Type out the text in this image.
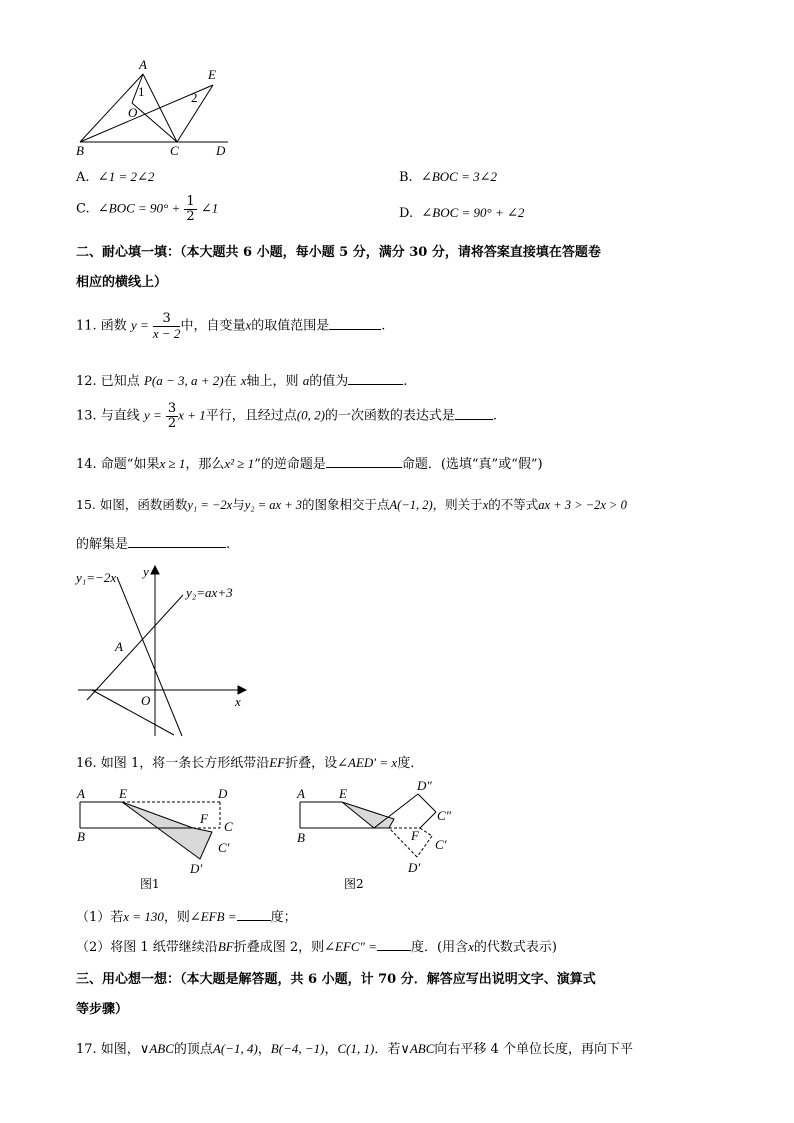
A
E
1	2
O
B	C	D
A. ∠1 = 2∠2	B. ∠BOC = 3∠2
C. ∠BOC = $90^\circ + \frac{1}{2}$ ∠1	D. ∠BOC = 90° + ∠2
二、耐心填一填：（本大题共 6 小题，每小题 5 分，满分 30 分，请将答案直接填在答题卷
相应的横线上）
11. 函数 $y = \frac{3}{x - 2}$ 中，自变量x的取值范围是	.
12. 已知点 P(a − 3, a + 2)在 x轴上，则 a的值为	.
13. 与直线 $y = \frac{3}{2}$ x + 1平行，且经过点(0, 2)的一次函数的表达式是	.
14. 命题“如果x ≥ 1，那么x² ≥ 1”的逆命题是	命题．(选填“真”或“假”)
15. 如图，函数函数y₁ = −2x与y₂ = ax + 3的图象相交于点A(−1, 2)，则关于x的不等式ax + 3 > −2x > 0
的解集是	.
y₁=−2x
y₂=ax+3
y
x
O
A
16. 如图 1，将一条长方形纸带沿EF折叠，设∠AED′ = x度．
A	E	D
F
C
B
C′
D′
图1
A	E
D″
C″
C′
B	F
D′
图2
（1）若x = 130，则∠EFB =	度；
（2）将图 1 纸带继续沿BF折叠成图 2，则∠EFC″ =	度．(用含x的代数式表示)
三、用心想一想：（本大题是解答题，共 6 小题，计 70 分．解答应写出说明文字、演算式
等步骤）
17. 如图，∨ABC的顶点A(−1, 4)，B(−4, −1)，C(1, 1)．若∨ABC向右平移 4 个单位长度，再向下平
